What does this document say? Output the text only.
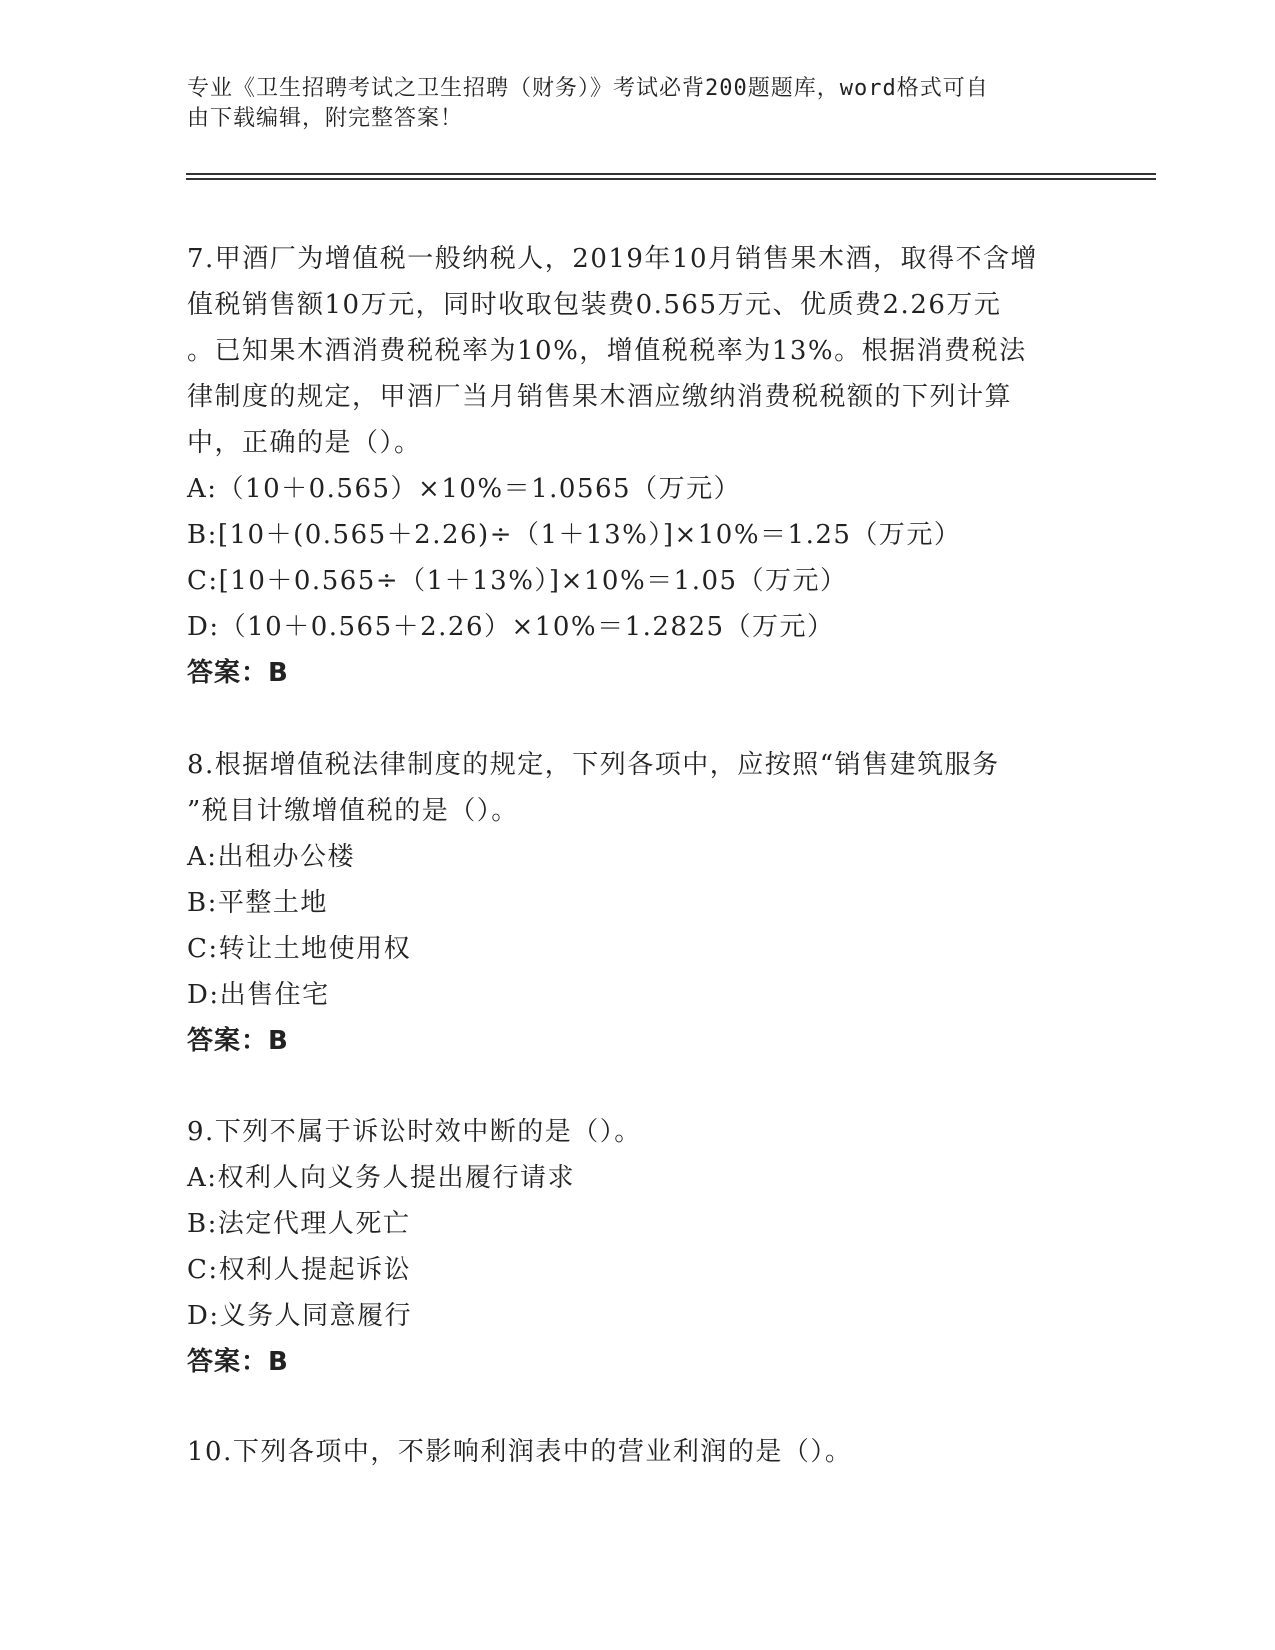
专业《卫生招聘考试之卫生招聘（财务）》考试必背200题题库，word格式可自
由下载编辑，附完整答案！
7.甲酒厂为增值税一般纳税人，2019年10月销售果木酒，取得不含增
值税销售额10万元，同时收取包装费0.565万元、优质费2.26万元
。已知果木酒消费税税率为10%，增值税税率为13%。根据消费税法
律制度的规定，甲酒厂当月销售果木酒应缴纳消费税税额的下列计算
中，正确的是（）。
A:（10＋0.565）×10%＝1.0565（万元）
B:[10＋(0.565＋2.26)÷（1＋13%）]×10%＝1.25（万元）
C:[10＋0.565÷（1＋13%）]×10%＝1.05（万元）
D:（10＋0.565＋2.26）×10%＝1.2825（万元）
答案：B
8.根据增值税法律制度的规定，下列各项中，应按照“销售建筑服务
”税目计缴增值税的是（）。
A:出租办公楼
B:平整土地
C:转让土地使用权
D:出售住宅
答案：B
9.下列不属于诉讼时效中断的是（）。
A:权利人向义务人提出履行请求
B:法定代理人死亡
C:权利人提起诉讼
D:义务人同意履行
答案：B
10.下列各项中，不影响利润表中的营业利润的是（）。
